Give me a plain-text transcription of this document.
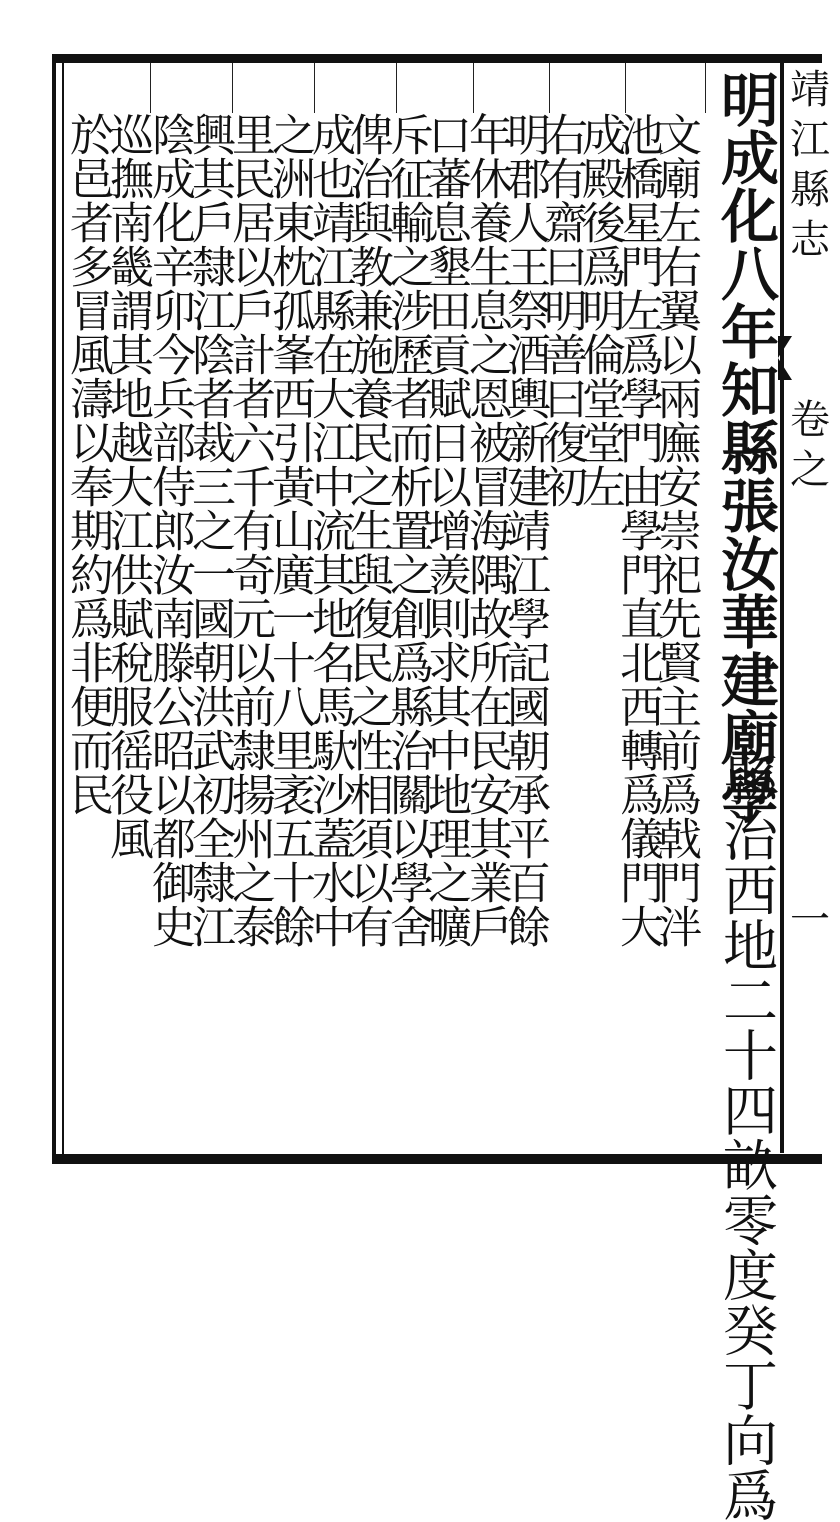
明成化八年知縣張汝華建廟學
縣治西地二十四畝零度癸丁向爲
文廟左右翼以兩廡安崇祀先賢主前爲戟門泮
池橋星門左爲學門由學門直北西轉爲儀門大
成殿後爲明倫堂堂左
右有齋曰明善曰復初
明郡人王祭酒輿新建靖江學記國朝承平百餘
年休養生息之恩被冒海隅故所在民安其業戶
口蕃息墾田貢賦日以增羨則求其中地理之曠
斥征輸之涉歷者而析置之創爲縣治關以學舍
俾治與教兼施養民之生與復民之性相須以有
成也靖江縣在大江中流其地名馬馱沙蓋水中
之洲東枕孤峯西引黃山廣一十八里袤五十餘
里民居以戶計者六千有奇元以前隸揚州之泰
興其戶隸江陰者裁三之一國朝洪武初全隸江
陰成化辛卯今兵部侍郎汝南滕公昭以都御史
巡撫南畿謂其地越大江供賦稅服徭役風
於邑者多冒風濤以奉期約爲非便而民
靖
江
縣
志
卷
之
一
